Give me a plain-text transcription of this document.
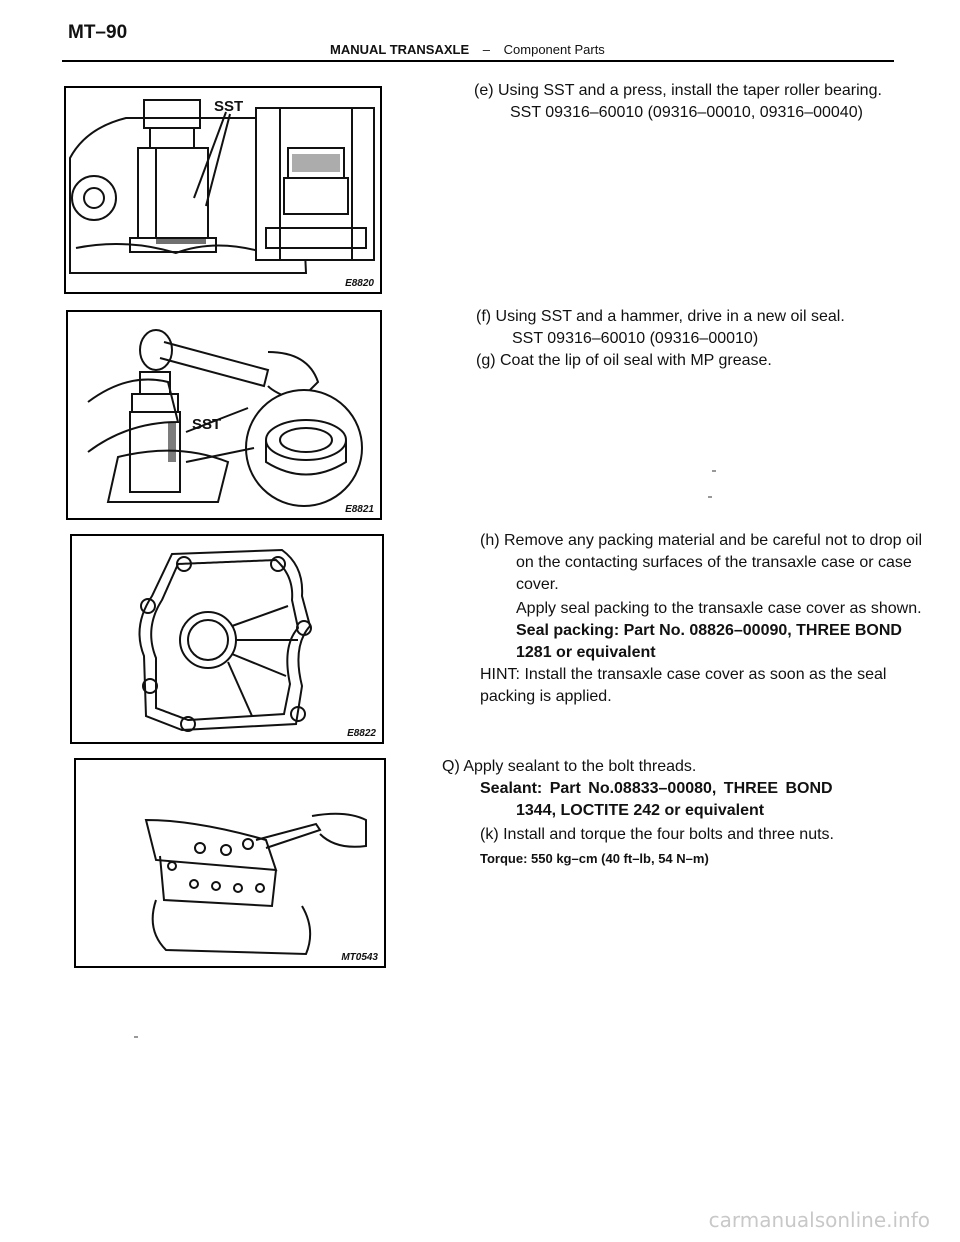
MT–90
MANUAL TRANSAXLE – Component Parts
SST
E8820
SST
E8821
E8822
MT0543
(e) Using SST and a press, install the taper roller bearing.
SST 09316–60010 (09316–00010, 09316–00040)
(f) Using SST and a hammer, drive in a new oil seal.
SST 09316–60010 (09316–00010)
(g) Coat the lip of oil seal with MP grease.
(h) Remove any packing material and be careful not to drop oil
on the contacting surfaces of the transaxle case or case
cover.
Apply seal packing to the transaxle case cover as shown.
Seal packing: Part No. 08826–00090, THREE BOND
1281 or equivalent
HINT: Install the transaxle case cover as soon as the seal
packing is applied.
Q) Apply sealant to the bolt threads.
Sealant: Part No.08833–00080, THREE BOND
1344, LOCTITE 242 or equivalent
(k) Install and torque the four bolts and three nuts.
Torque: 550 kg–cm (40 ft–lb, 54 N–m)
carmanualsonline.info
